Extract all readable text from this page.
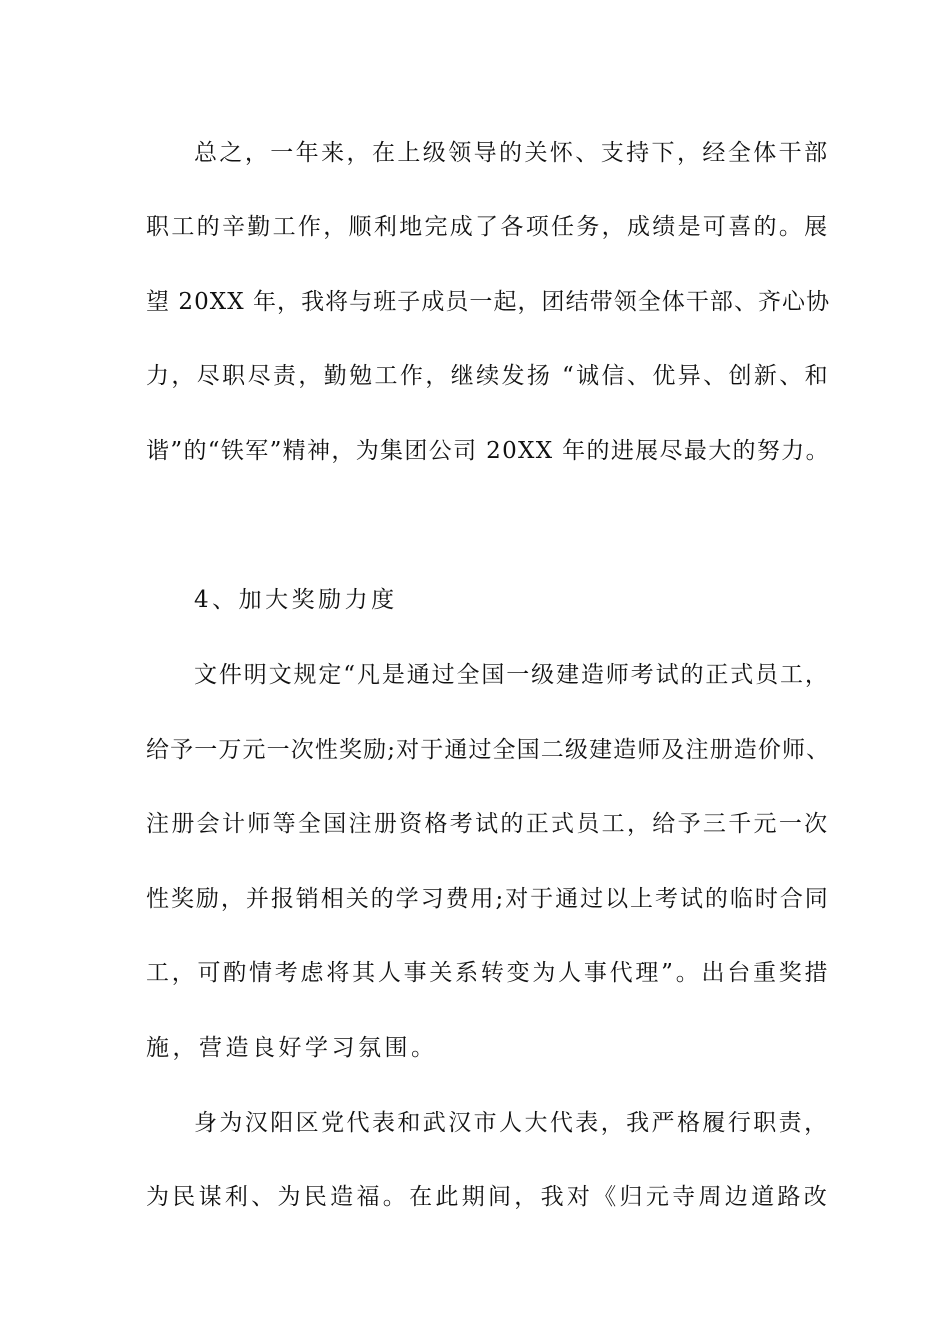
总之，一年来，在上级领导的关怀、支持下，经全体干部
职工的辛勤工作，顺利地完成了各项任务，成绩是可喜的。展
望 20XX 年，我将与班子成员一起，团结带领全体干部、齐心协
力，尽职尽责，勤勉工作，继续发扬 “诚信、优异、创新、和
谐”的“铁军”精神，为集团公司 20XX 年的进展尽最大的努力。
4、加大奖励力度
文件明文规定“凡是通过全国一级建造师考试的正式员工，
给予一万元一次性奖励;对于通过全国二级建造师及注册造价师、
注册会计师等全国注册资格考试的正式员工，给予三千元一次
性奖励，并报销相关的学习费用;对于通过以上考试的临时合同
工，可酌情考虑将其人事关系转变为人事代理”。出台重奖措
施，营造良好学习氛围。
身为汉阳区党代表和武汉市人大代表，我严格履行职责，
为民谋利、为民造福。在此期间，我对《归元寺周边道路改
